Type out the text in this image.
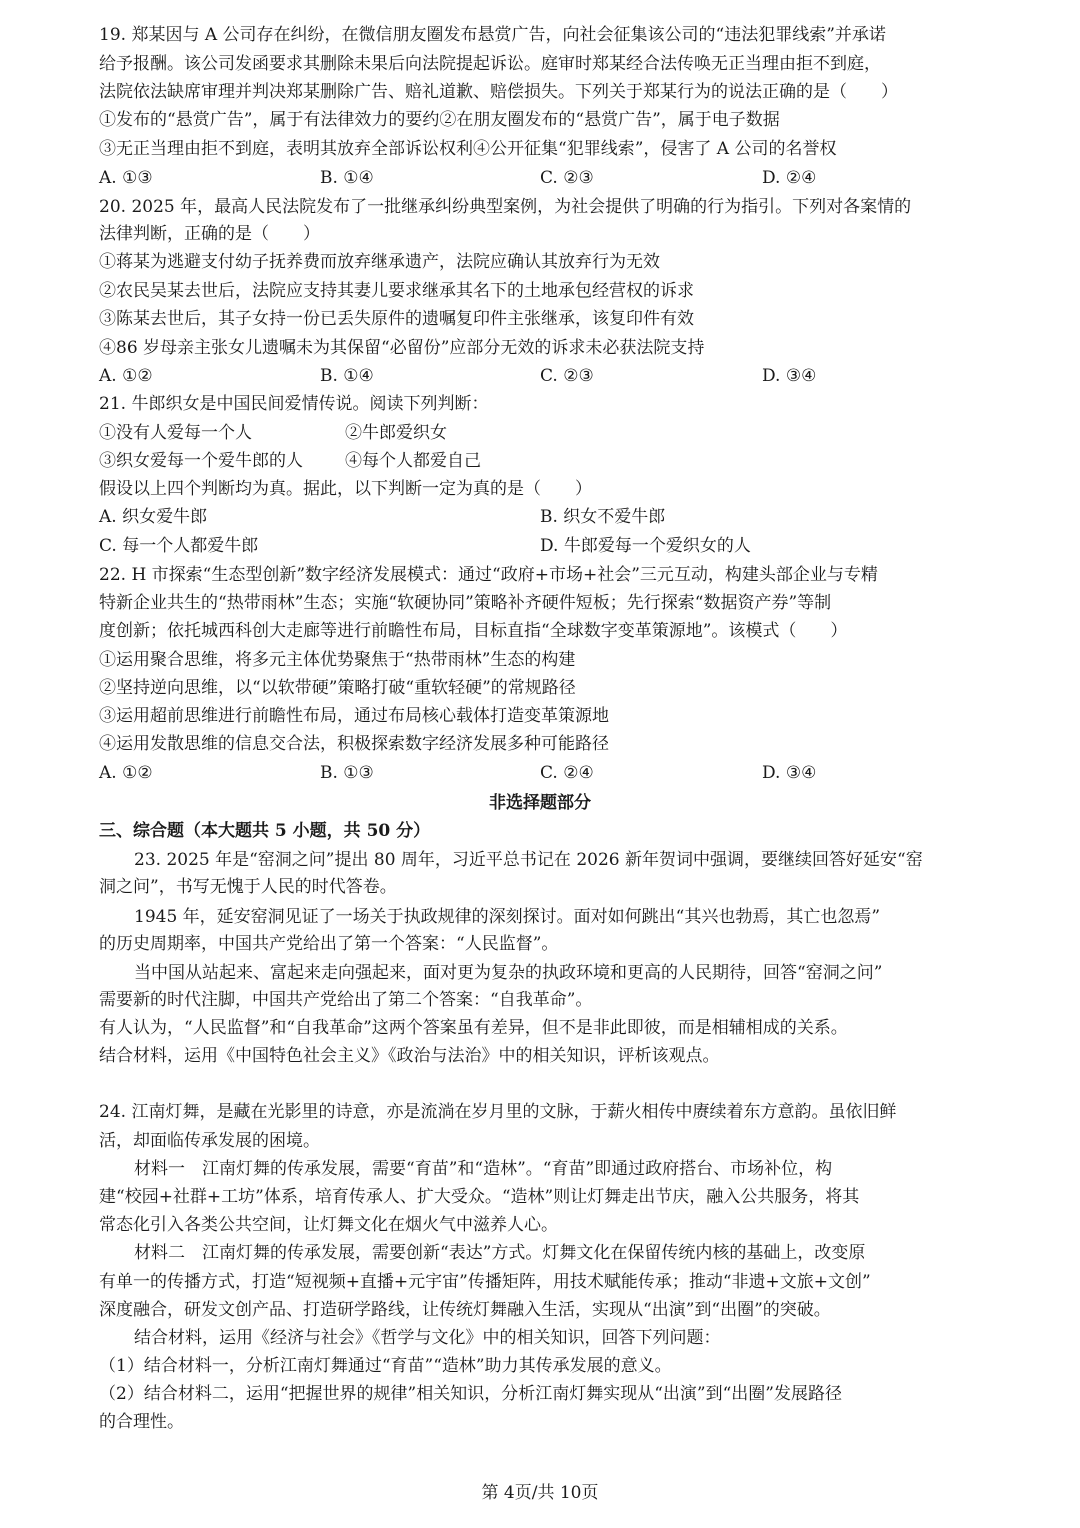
19. 郑某因与 A 公司存在纠纷，在微信朋友圈发布悬赏广告，向社会征集该公司的“违法犯罪线索”并承诺
给予报酬。该公司发函要求其删除未果后向法院提起诉讼。庭审时郑某经合法传唤无正当理由拒不到庭，
法院依法缺席审理并判决郑某删除广告、赔礼道歉、赔偿损失。下列关于郑某行为的说法正确的是（　　）
①发布的“悬赏广告”，属于有法律效力的要约②在朋友圈发布的“悬赏广告”，属于电子数据
③无正当理由拒不到庭，表明其放弃全部诉讼权利④公开征集“犯罪线索”，侵害了 A 公司的名誉权
A. ①③	B. ①④	C. ②③	D. ②④
20. 2025 年，最高人民法院发布了一批继承纠纷典型案例，为社会提供了明确的行为指引。下列对各案情的
法律判断，正确的是（　　）
①蒋某为逃避支付幼子抚养费而放弃继承遗产，法院应确认其放弃行为无效
②农民吴某去世后，法院应支持其妻儿要求继承其名下的土地承包经营权的诉求
③陈某去世后，其子女持一份已丢失原件的遗嘱复印件主张继承，该复印件有效
④86 岁母亲主张女儿遗嘱未为其保留“必留份”应部分无效的诉求未必获法院支持
A. ①②	B. ①④	C. ②③	D. ③④
21. 牛郎织女是中国民间爱情传说。阅读下列判断：
①没有人爱每一个人	②牛郎爱织女
③织女爱每一个爱牛郎的人 ④每个人都爱自己
假设以上四个判断均为真。据此，以下判断一定为真的是（　　）
A. 织女爱牛郎	B. 织女不爱牛郎
C. 每一个人都爱牛郎	D. 牛郎爱每一个爱织女的人
22. H 市探索“生态型创新”数字经济发展模式：通过“政府+市场+社会”三元互动，构建头部企业与专精
特新企业共生的“热带雨林”生态；实施“软硬协同”策略补齐硬件短板；先行探索“数据资产券”等制
度创新；依托城西科创大走廊等进行前瞻性布局，目标直指“全球数字变革策源地”。该模式（　　）
①运用聚合思维，将多元主体优势聚焦于“热带雨林”生态的构建
②坚持逆向思维，以“以软带硬”策略打破“重软轻硬”的常规路径
③运用超前思维进行前瞻性布局，通过布局核心载体打造变革策源地
④运用发散思维的信息交合法，积极探索数字经济发展多种可能路径
A. ①②	B. ①③	C. ②④	D. ③④
非选择题部分
三、综合题（本大题共 5 小题，共 50 分）
23. 2025 年是“窑洞之问”提出 80 周年，习近平总书记在 2026 新年贺词中强调，要继续回答好延安“窑
洞之问”，书写无愧于人民的时代答卷。
1945 年，延安窑洞见证了一场关于执政规律的深刻探讨。面对如何跳出“其兴也勃焉，其亡也忽焉”
的历史周期率，中国共产党给出了第一个答案：“人民监督”。
当中国从站起来、富起来走向强起来，面对更为复杂的执政环境和更高的人民期待，回答“窑洞之问”
需要新的时代注脚，中国共产党给出了第二个答案：“自我革命”。
有人认为，“人民监督”和“自我革命”这两个答案虽有差异，但不是非此即彼，而是相辅相成的关系。
结合材料，运用《中国特色社会主义》《政治与法治》中的相关知识，评析该观点。
24. 江南灯舞，是藏在光影里的诗意，亦是流淌在岁月里的文脉，于薪火相传中赓续着东方意韵。虽依旧鲜
活，却面临传承发展的困境。
材料一　江南灯舞的传承发展，需要“育苗”和“造林”。“育苗”即通过政府搭台、市场补位，构
建“校园+社群+工坊”体系，培育传承人、扩大受众。“造林”则让灯舞走出节庆，融入公共服务，将其
常态化引入各类公共空间，让灯舞文化在烟火气中滋养人心。
材料二　江南灯舞的传承发展，需要创新“表达”方式。灯舞文化在保留传统内核的基础上，改变原
有单一的传播方式，打造“短视频+直播+元宇宙”传播矩阵，用技术赋能传承；推动“非遗+文旅+文创”
深度融合，研发文创产品、打造研学路线，让传统灯舞融入生活，实现从“出演”到“出圈”的突破。
结合材料，运用《经济与社会》《哲学与文化》中的相关知识，回答下列问题：
（1）结合材料一，分析江南灯舞通过“育苗”“造林”助力其传承发展的意义。
（2）结合材料二，运用“把握世界的规律”相关知识，分析江南灯舞实现从“出演”到“出圈”发展路径
的合理性。
第 4页/共 10页
